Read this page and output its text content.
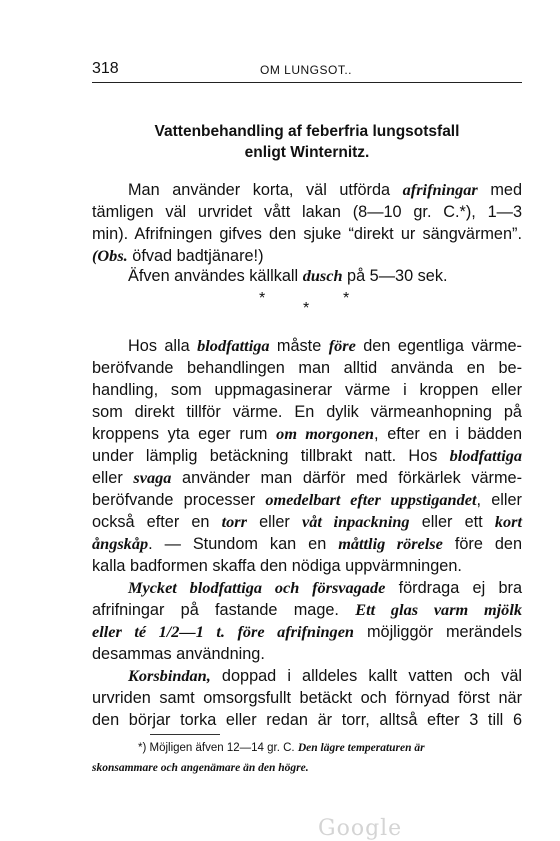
318	OM LUNGSOT..
Vattenbehandling af feberfria lungsotsfall
enligt Winternitz.
Man använder korta, väl utförda afrifningar med
tämligen väl urvridet vått lakan (8—10 gr. C.*), 1—3
min). Afrifningen gifves den sjuke “direkt ur sängvärmen”.
(Obs. öfvad badtjänare!)
Äfven användes källkall dusch på 5—30 sek.
*
*
*
Hos alla blodfattiga måste före den egentliga värme-
beröfvande behandlingen man alltid använda en be-
handling, som uppmagasinerar värme i kroppen eller
som direkt tillför värme. En dylik värmeanhopning på
kroppens yta eger rum om morgonen, efter en i bädden
under lämplig betäckning tillbrakt natt. Hos blodfattiga
eller svaga använder man därför med förkärlek värme-
beröfvande processer omedelbart efter uppstigandet, eller
också efter en torr eller våt inpackning eller ett kort
ångskåp. — Stundom kan en måttlig rörelse före den
kalla badformen skaffa den nödiga uppvärmningen.
Mycket blodfattiga och försvagade fördraga ej bra
afrifningar på fastande mage. Ett glas varm mjölk
eller té 1/2—1 t. före afrifningen möjliggör merändels
desammas användning.
Korsbindan, doppad i alldeles kallt vatten och väl
urvriden samt omsorgsfullt betäckt och förnyad först när
den börjar torka eller redan är torr, alltså efter 3 till 6
*) Möjligen äfven 12—14 gr. C. Den lägre temperaturen är
skonsammare och angenämare än den högre.
Google
